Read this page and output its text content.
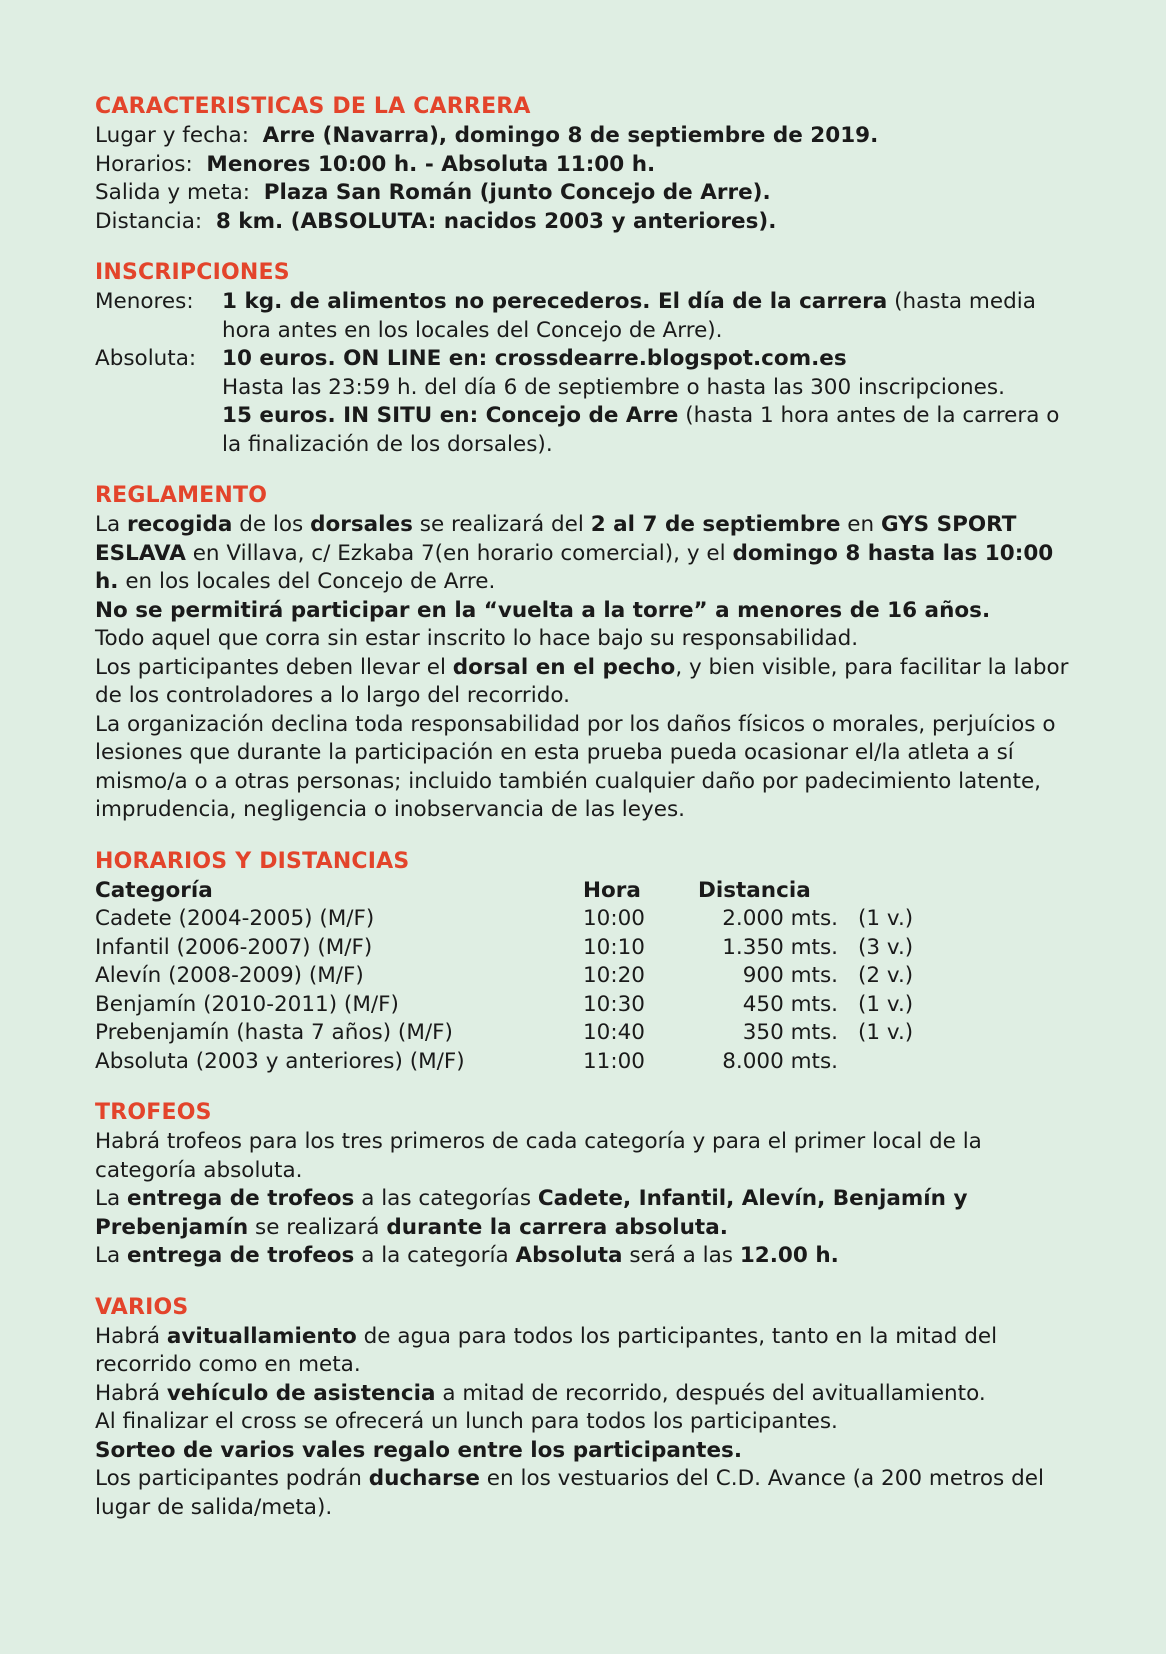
CARACTERISTICAS DE LA CARRERA

Lugar y fecha: Arre (Navarra), domingo 8 de septiembre de 2019.

Horarios: Menores 10:00 h. - Absoluta 11:00 h.

Salida y meta: Plaza San Román (junto Concejo de Arre).

Distancia: 8 km. (ABSOLUTA: nacidos 2003 y anteriores).

INSCRIPCIONES
Menores:	1 kg. de alimentos no perecederos. El día de la carrera (hasta media hora antes en los locales del Concejo de Arre).
Absoluta:	10 euros. ON LINE en: crossdearre.blogspot.com.es

Hasta las 23:59 h. del día 6 de septiembre o hasta las 300 inscripciones.

15 euros. IN SITU en: Concejo de Arre (hasta 1 hora antes de la carrera o la finalización de los dorsales).

REGLAMENTO

La recogida de los dorsales se realizará del 2 al 7 de septiembre en GYS SPORT ESLAVA en Villava, c/ Ezkaba 7(en horario comercial), y el domingo 8 hasta las 10:00 h. en los locales del Concejo de Arre.

No se permitirá participar en la “vuelta a la torre” a menores de 16 años.

Todo aquel que corra sin estar inscrito lo hace bajo su responsabilidad.

Los participantes deben llevar el dorsal en el pecho, y bien visible, para facilitar la labor de los controladores a lo largo del recorrido.

La organización declina toda responsabilidad por los daños físicos o morales, perjuícios o lesiones que durante la participación en esta prueba pueda ocasionar el/la atleta a sí mismo/a o a otras personas; incluido también cualquier daño por padecimiento latente, imprudencia, negligencia o inobservancia de las leyes.

HORARIOS Y DISTANCIAS
Categoría	Hora	Distancia	
Cadete (2004-2005) (M/F)	10:00	2.000 mts.	(1 v.)
Infantil (2006-2007) (M/F)	10:10	1.350 mts.	(3 v.)
Alevín (2008-2009) (M/F)	10:20	900 mts.	(2 v.)
Benjamín (2010-2011) (M/F)	10:30	450 mts.	(1 v.)
Prebenjamín (hasta 7 años) (M/F)	10:40	350 mts.	(1 v.)
Absoluta (2003 y anteriores) (M/F)	11:00	8.000 mts.	
TROFEOS

Habrá trofeos para los tres primeros de cada categoría y para el primer local de la categoría absoluta.

La entrega de trofeos a las categorías Cadete, Infantil, Alevín, Benjamín y Prebenjamín se realizará durante la carrera absoluta.

La entrega de trofeos a la categoría Absoluta será a las 12.00 h.

VARIOS

Habrá avituallamiento de agua para todos los participantes, tanto en la mitad del recorrido como en meta.

Habrá vehículo de asistencia a mitad de recorrido, después del avituallamiento.

Al finalizar el cross se ofrecerá un lunch para todos los participantes.

Sorteo de varios vales regalo entre los participantes.

Los participantes podrán ducharse en los vestuarios del C.D. Avance (a 200 metros del lugar de salida/meta).
